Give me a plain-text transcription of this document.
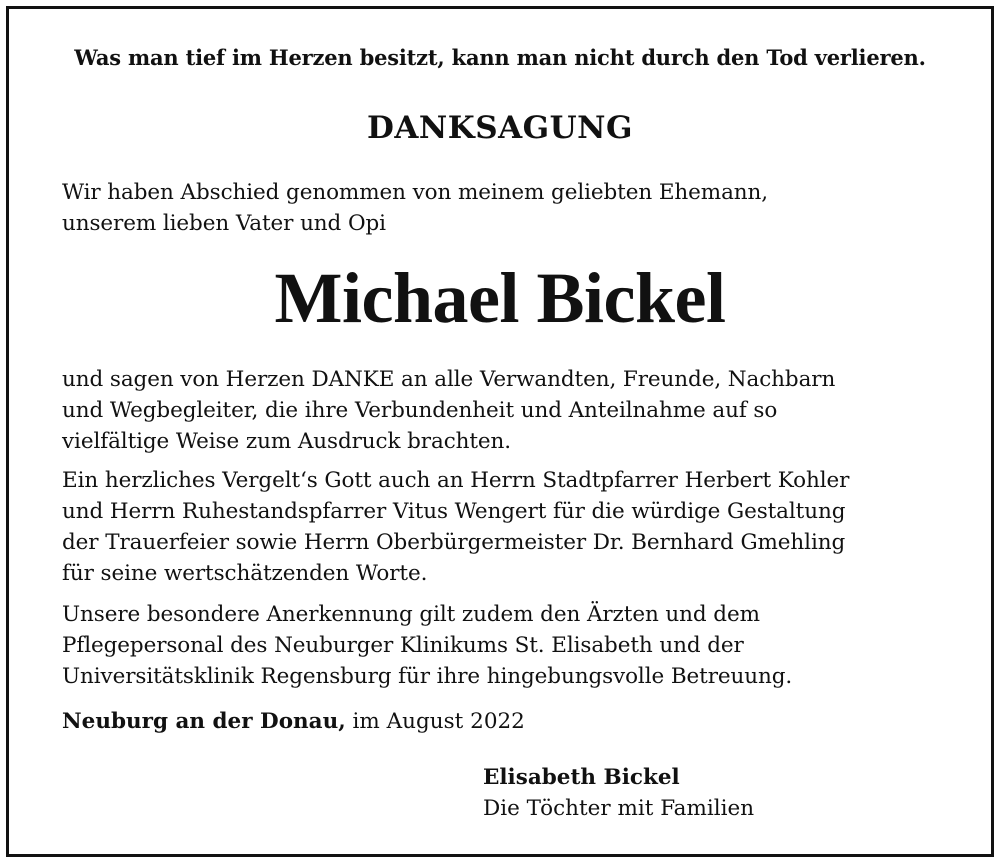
Was man tief im Herzen besitzt, kann man nicht durch den Tod verlieren.
DANKSAGUNG
Wir haben Abschied genommen von meinem geliebten Ehemann,
unserem lieben Vater und Opi
Michael Bickel
und sagen von Herzen DANKE an alle Verwandten, Freunde, Nachbarn
und Wegbegleiter, die ihre Verbundenheit und Anteilnahme auf so
vielfältige Weise zum Ausdruck brachten.
Ein herzliches Vergelt‘s Gott auch an Herrn Stadtpfarrer Herbert Kohler
und Herrn Ruhestandspfarrer Vitus Wengert für die würdige Gestaltung
der Trauerfeier sowie Herrn Oberbürgermeister Dr. Bernhard Gmehling
für seine wertschätzenden Worte.
Unsere besondere Anerkennung gilt zudem den Ärzten und dem
Pflegepersonal des Neuburger Klinikums St. Elisabeth und der
Universitätsklinik Regensburg für ihre hingebungsvolle Betreuung.
Neuburg an der Donau, im August 2022
Elisabeth Bickel
Die Töchter mit Familien
